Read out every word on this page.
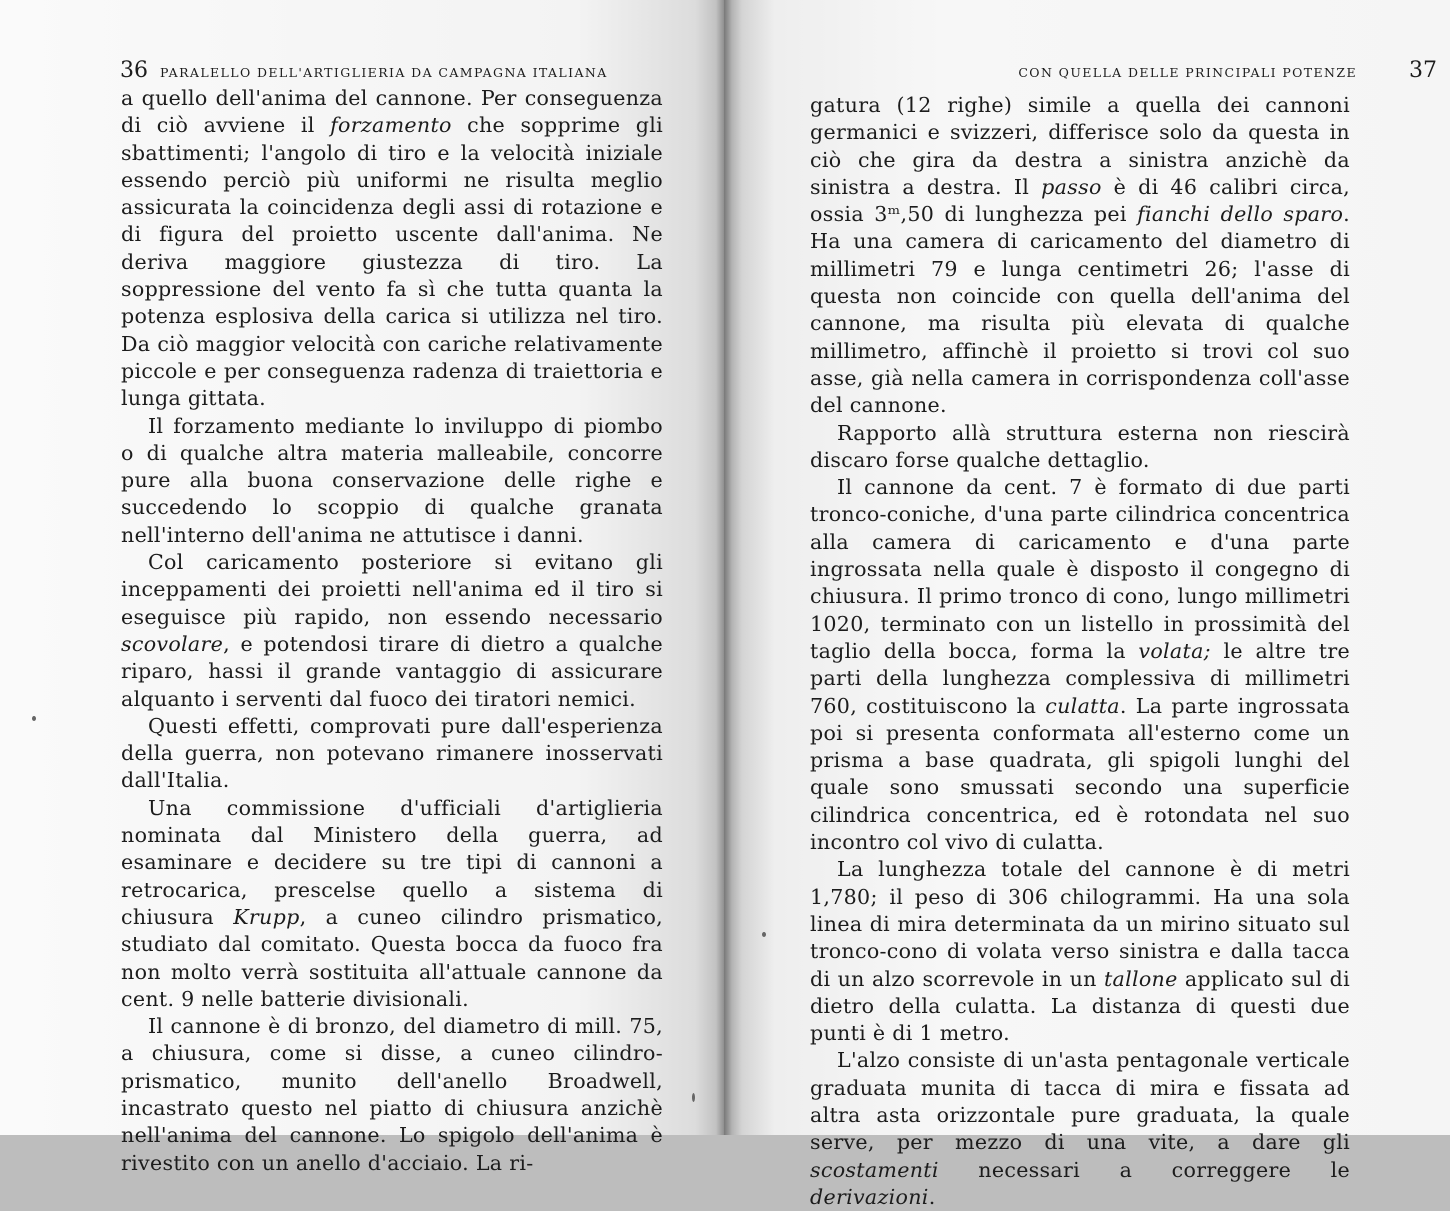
36 PARALELLO DELL'ARTIGLIERIA DA CAMPAGNA ITALIANA

a quello dell'anima del cannone. Per conseguenza di ciò avviene il forzamento che sopprime gli sbattimenti; l'angolo di tiro e la velocità iniziale essendo perciò più uniformi ne risulta meglio assicurata la coincidenza degli assi di rotazione e di figura del proietto uscente dall'anima. Ne deriva maggiore giustezza di tiro. La soppressione del vento fa sì che tutta quanta la potenza esplosiva della carica si utilizza nel tiro. Da ciò maggior velocità con cariche relativamente piccole e per conseguenza radenza di traiettoria e lunga gittata.

Il forzamento mediante lo inviluppo di piombo o di qualche altra materia malleabile, concorre pure alla buona conservazione delle righe e succedendo lo scoppio di qualche granata nell'interno dell'anima ne attutisce i danni.

Col caricamento posteriore si evitano gli inceppamenti dei proietti nell'anima ed il tiro si eseguisce più rapido, non essendo necessario scovolare, e potendosi tirare di dietro a qualche riparo, hassi il grande vantaggio di assicurare alquanto i serventi dal fuoco dei tiratori nemici.

Questi effetti, comprovati pure dall'esperienza della guerra, non potevano rimanere inosservati dall'Italia.

Una commissione d'ufficiali d'artiglieria nominata dal Ministero della guerra, ad esaminare e decidere su tre tipi di cannoni a retrocarica, prescelse quello a sistema di chiusura Krupp, a cuneo cilindro prismatico, studiato dal comitato. Questa bocca da fuoco fra non molto verrà sostituita all'attuale cannone da cent. 9 nelle batterie divisionali.

Il cannone è di bronzo, del diametro di mill. 75, a chiusura, come si disse, a cuneo cilindro-prismatico, munito dell'anello Broadwell, incastrato questo nel piatto di chiusura anzichè nell'anima del cannone. Lo spigolo dell'anima è rivestito con un anello d'acciaio. La ri-

CON QUELLA DELLE PRINCIPALI POTENZE 37

gatura (12 righe) simile a quella dei cannoni germanici e svizzeri, differisce solo da questa in ciò che gira da destra a sinistra anzichè da sinistra a destra. Il passo è di 46 calibri circa, ossia 3ᵐ,50 di lunghezza pei fianchi dello sparo. Ha una camera di caricamento del diametro di millimetri 79 e lunga centimetri 26; l'asse di questa non coincide con quella dell'anima del cannone, ma risulta più elevata di qualche millimetro, affinchè il proietto si trovi col suo asse, già nella camera in corrispondenza coll'asse del cannone.

Rapporto allà struttura esterna non riescirà discaro forse qualche dettaglio.

Il cannone da cent. 7 è formato di due parti tronco-coniche, d'una parte cilindrica concentrica alla camera di caricamento e d'una parte ingrossata nella quale è disposto il congegno di chiusura. Il primo tronco di cono, lungo millimetri 1020, terminato con un listello in prossimità del taglio della bocca, forma la volata; le altre tre parti della lunghezza complessiva di millimetri 760, costituiscono la culatta. La parte ingrossata poi si presenta conformata all'esterno come un prisma a base quadrata, gli spigoli lunghi del quale sono smussati secondo una superficie cilindrica concentrica, ed è rotondata nel suo incontro col vivo di culatta.

La lunghezza totale del cannone è di metri 1,780; il peso di 306 chilogrammi. Ha una sola linea di mira determinata da un mirino situato sul tronco-cono di volata verso sinistra e dalla tacca di un alzo scorrevole in un tallone applicato sul di dietro della culatta. La distanza di questi due punti è di 1 metro.

L'alzo consiste di un'asta pentagonale verticale graduata munita di tacca di mira e fissata ad altra asta orizzontale pure graduata, la quale serve, per mezzo di una vite, a dare gli scostamenti necessari a correggere le derivazioni.
